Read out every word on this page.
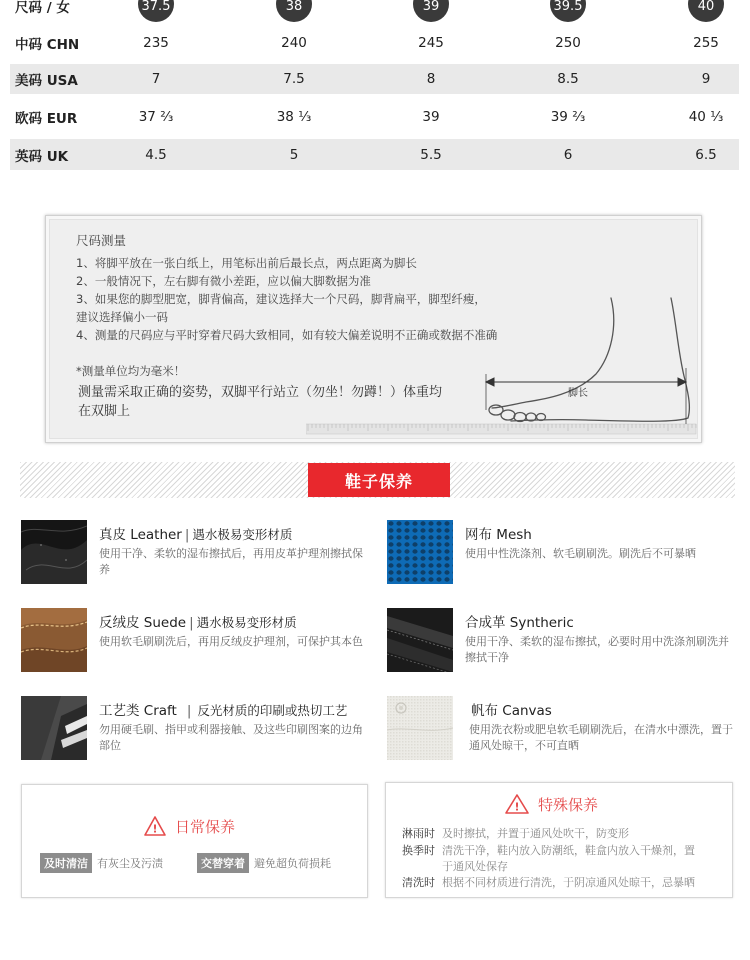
尺码 / 女	37.5	38	39	39.5	40
中码 CHN	235	240	245	250	255
美码 USA	7	7.5	8	8.5	9
欧码 EUR	37 ⅔	38 ⅓	39	39 ⅔	40 ⅓
英码 UK	4.5	5	5.5	6	6.5
尺码测量
1、将脚平放在一张白纸上，用笔标出前后最长点，两点距离为脚长
2、一般情况下，左右脚有微小差距，应以偏大脚数据为准
3、如果您的脚型肥宽，脚背偏高，建议选择大一个尺码，脚背扁平，脚型纤瘦，
建议选择偏小一码
4、测量的尺码应与平时穿着尺码大致相同，如有较大偏差说明不正确或数据不准确
*测量单位均为毫米！
测量需采取正确的姿势，双脚平行站立（勿坐！勿蹲！）体重均
在双脚上
脚长
鞋子保养
真皮 Leather | 遇水极易变形材质
使用干净、柔软的湿布擦拭后，再用皮革护理剂擦拭保养
网布 Mesh
使用中性洗涤剂、软毛刷刷洗。刷洗后不可暴晒
反绒皮 Suede | 遇水极易变形材质
使用软毛刷刷洗后，再用反绒皮护理剂，可保护其本色
合成革 Syntheric
使用干净、柔软的湿布擦拭，必要时用中洗涤剂刷洗并擦拭干净
工艺类 Craft | 反光材质的印刷或热切工艺
勿用硬毛刷、指甲或利器接触、及这些印刷图案的边角部位
帆布 Canvas
使用洗衣粉或肥皂软毛刷刷洗后，在清水中漂洗，置于通风处晾干，不可直晒
! 日常保养
及时清洁 有灰尘及污渍	交替穿着 避免超负荷损耗
! 特殊保养
淋雨时 及时擦拭，并置于通风处吹干，防变形
换季时 清洗干净，鞋内放入防潮纸，鞋盒内放入干燥剂，置于通风处保存
清洗时 根据不同材质进行清洗，于阴凉通风处晾干，忌暴晒
